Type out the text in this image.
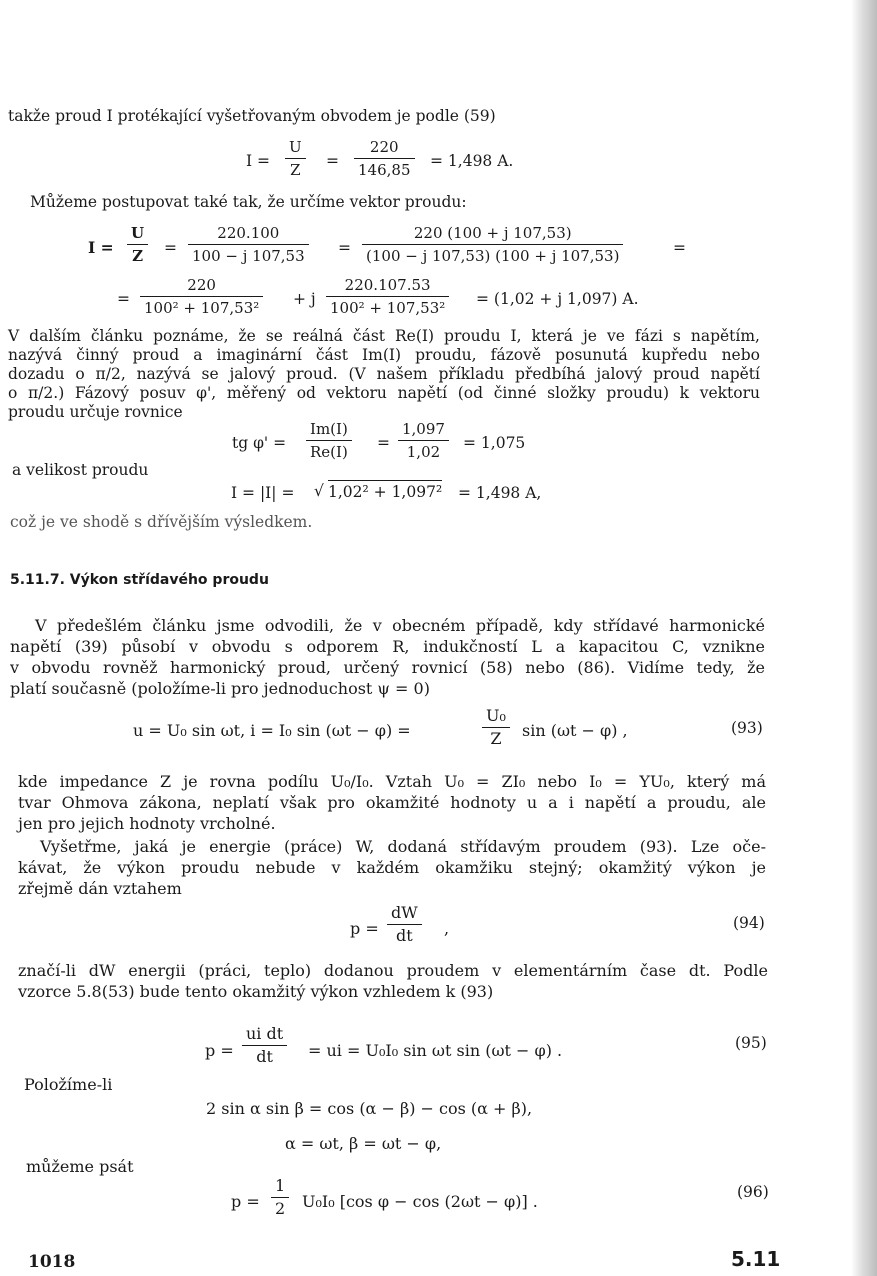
takže proud I protékající vyšetřovaným obvodem je podle (59)
$I = \frac{U}{Z} = \frac{220}{146,85} = 1,498$ A.
Můžeme postupovat také tak, že určíme vektor proudu:
$I = \frac{U}{Z} = \frac{220.100}{100 - j 107,53} = \frac{220 (100 + j 107,53)}{(100 - j 107,53) (100 + j 107,53)}$	=
= $\frac{220}{\text{100² + 107,53²}} + j \frac{220.107.53}{\text{100² + 107,53²}} = (1,02 + j$ 1,097) A.
V dalším článku poznáme, že se reálná část Re(I) proudu I, která je ve fázi s napětím,
nazývá činný proud a imaginární část Im(I) proudu, fázově posunutá kupředu nebo
dozadu o π/2, nazývá se jalový proud. (V našem příkladu předbíhá jalový proud napětí
o π/2.) Fázový posuv φ', měřený od vektoru napětí (od činné složky proudu) k vektoru
proudu určuje rovnice
tg $\varphi' = \frac{Im(I)}{Re(I)} = \frac{1,097}{1,02} = 1,075$
a velikost proudu
I = |I| = √ 1,02² + 1,097² = 1,498 A,
což je ve shodě s dřívějším výsledkem.
5.11.7. Výkon střídavého proudu
V předešlém článku jsme odvodili, že v obecném případě, kdy střídavé harmonické
napětí (39) působí v obvodu s odporem R, indukčností L a kapacitou C, vznikne
v obvodu rovněž harmonický proud, určený rovnicí (58) nebo (86). Vidíme tedy, že
platí současně (položíme-li pro jednoduchost ψ = 0)
u = U₀ sin ωt, i = I₀ sin (ωt − φ) =	$\frac{\text{U₀}}{Z}$ sin (ωt − φ) ,	(93)
kde impedance Z je rovna podílu U₀/I₀. Vztah U₀ = ZI₀ nebo I₀ = YU₀, který má
tvar Ohmova zákona, neplatí však pro okamžité hodnoty u a i napětí a proudu, ale
jen pro jejich hodnoty vrcholné.
Vyšetřme, jaká je energie (práce) W, dodaná střídavým proudem (93). Lze oče-
kávat, že výkon proudu nebude v každém okamžiku stejný; okamžitý výkon je
zřejmě dán vztahem
$p = \frac{dW}{dt}$ ,	(94)
značí-li dW energii (práci, teplo) dodanou proudem v elementárním čase dt. Podle
vzorce 5.8(53) bude tento okamžitý výkon vzhledem k (93)
$p = \frac{\text{ui dt}}{dt}$ = ui = U₀I₀ sin ωt sin (ωt − φ) .	(95)
Položíme-li
2 sin α sin β = cos (α − β) − cos (α + β),
α = ωt, β = ωt − φ,
můžeme psát
$p = \frac{1}{2} U_0I_0$ [cos φ − cos (2ωt − φ)] .	(96)
1018	5.11
